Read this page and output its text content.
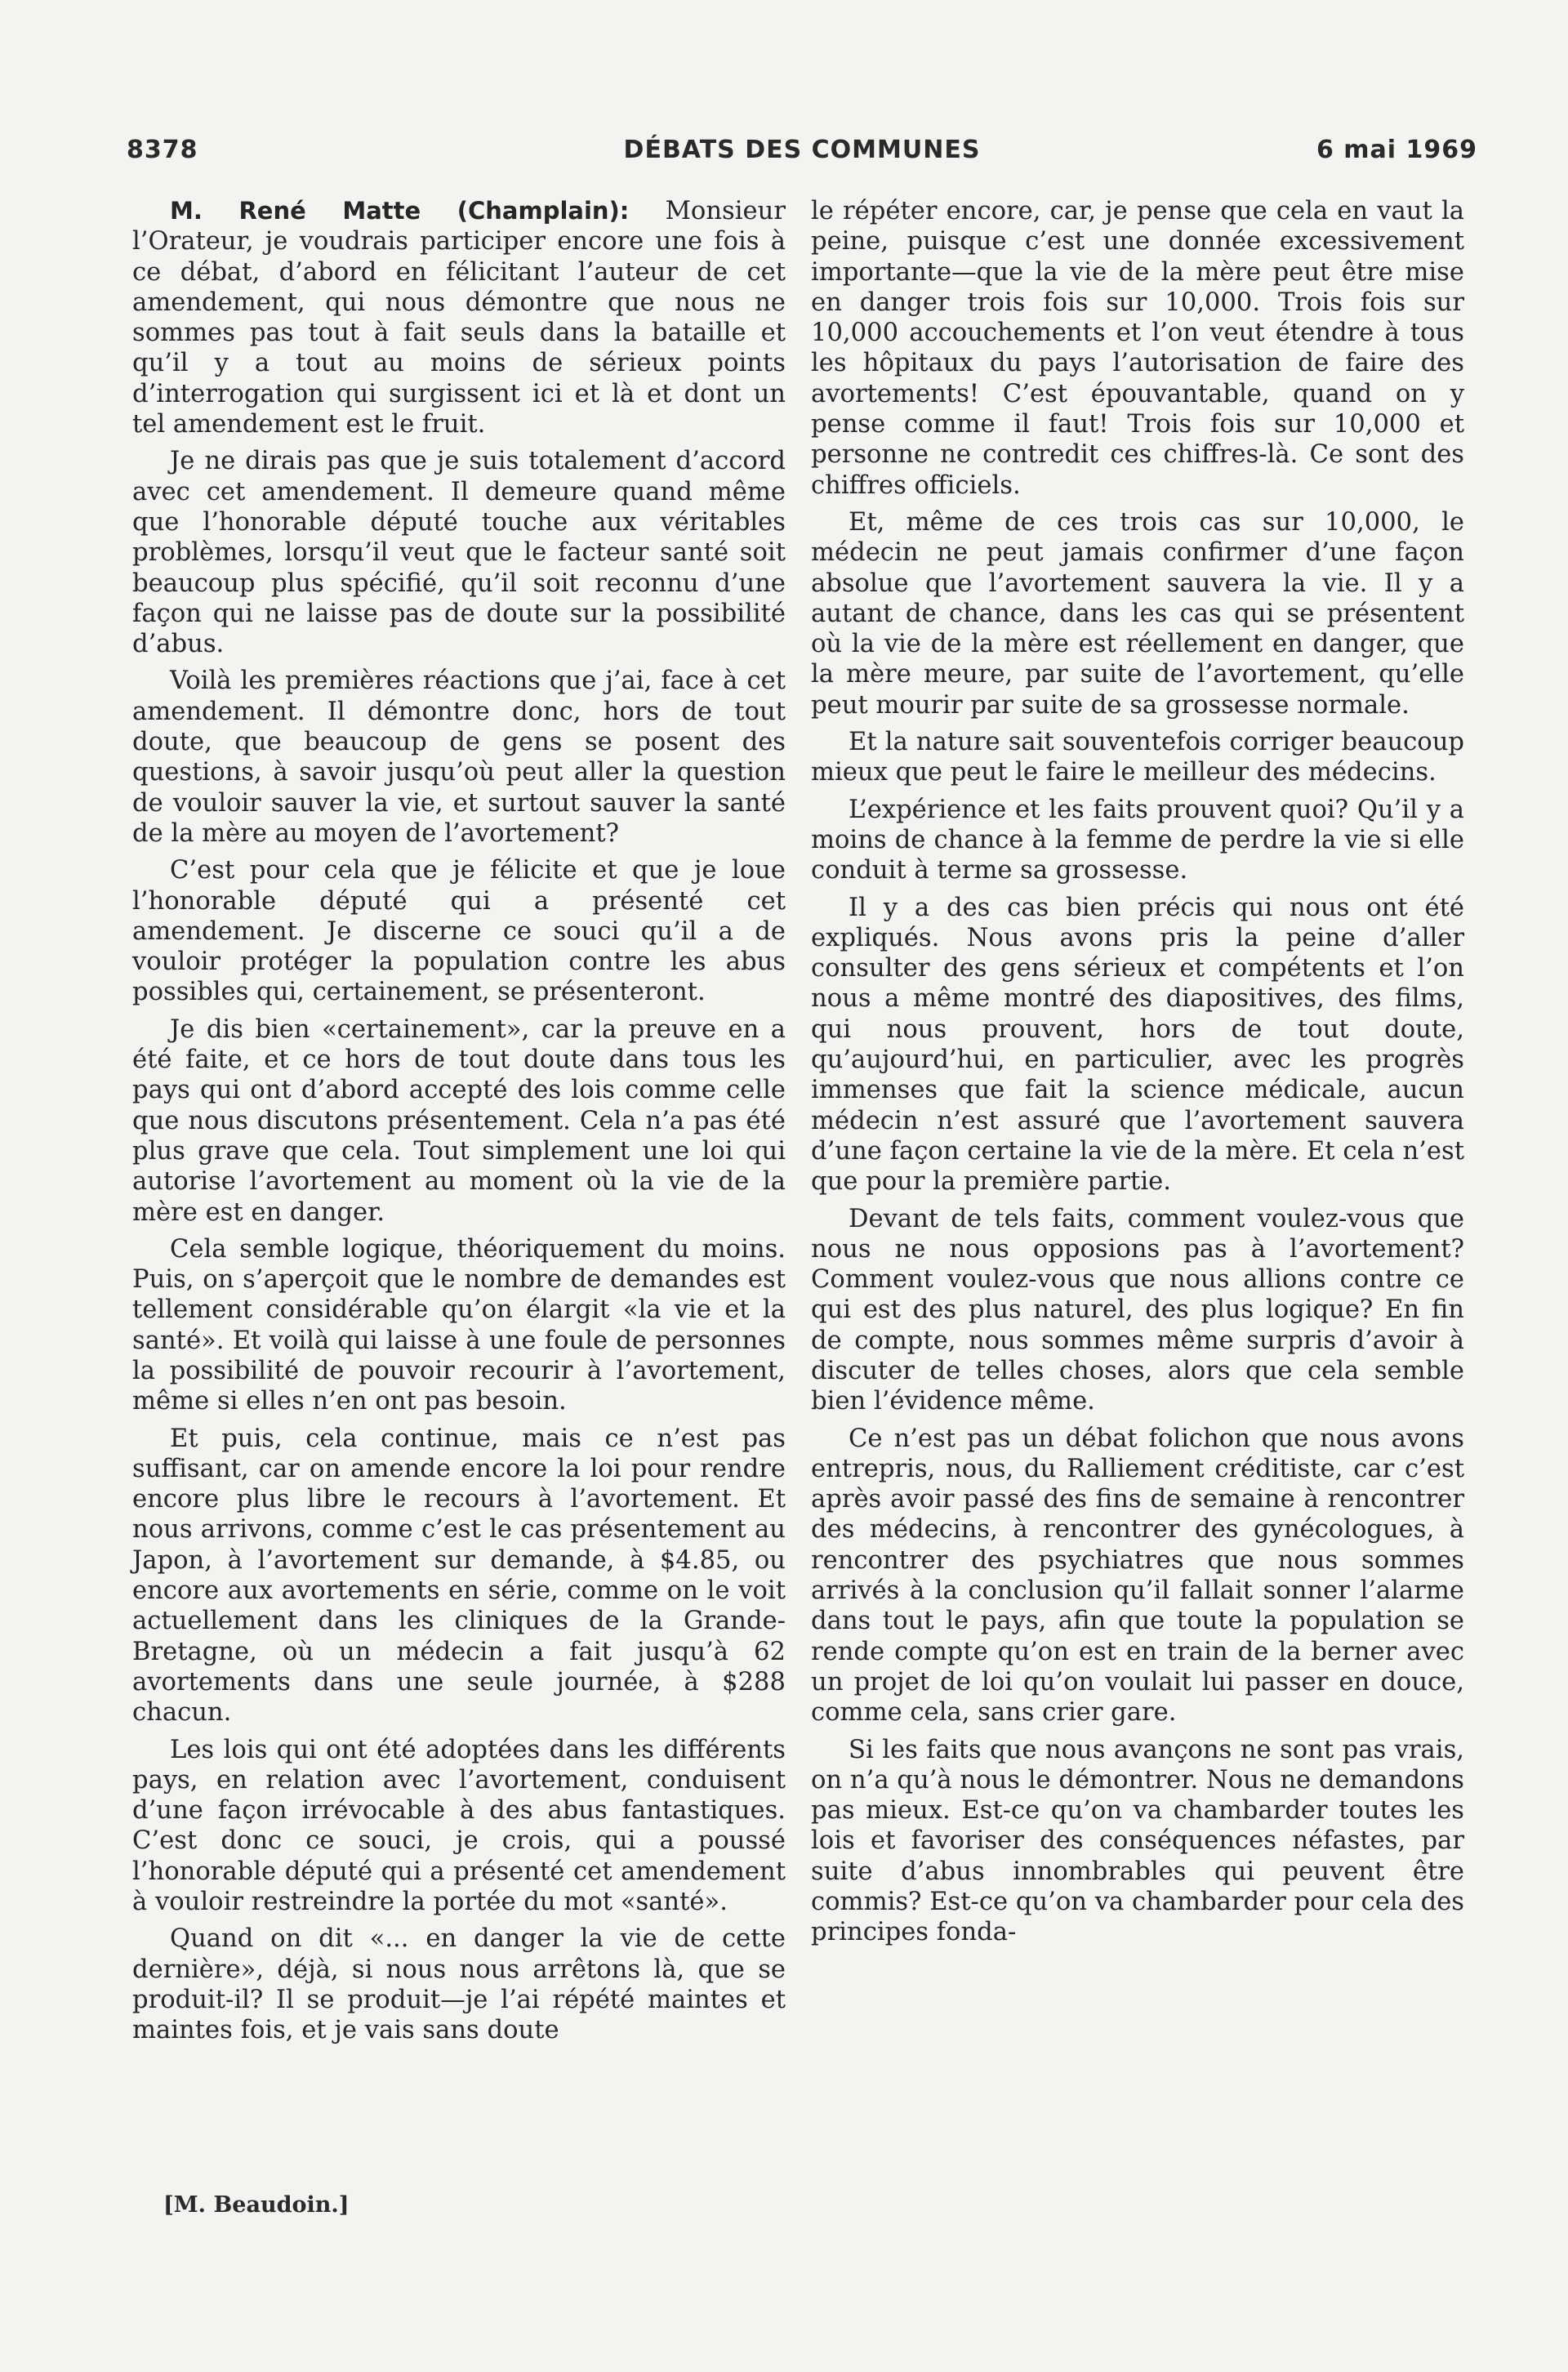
8378	DÉBATS DES COMMUNES	6 mai 1969

M. René Matte (Champlain): Monsieur l’Orateur, je voudrais participer encore une fois à ce débat, d’abord en félicitant l’auteur de cet amendement, qui nous démontre que nous ne sommes pas tout à fait seuls dans la bataille et qu’il y a tout au moins de sérieux points d’interrogation qui surgissent ici et là et dont un tel amendement est le fruit.

Je ne dirais pas que je suis totalement d’accord avec cet amendement. Il demeure quand même que l’honorable député touche aux véritables problèmes, lorsqu’il veut que le facteur santé soit beaucoup plus spécifié, qu’il soit reconnu d’une façon qui ne laisse pas de doute sur la possibilité d’abus.

Voilà les premières réactions que j’ai, face à cet amendement. Il démontre donc, hors de tout doute, que beaucoup de gens se posent des questions, à savoir jusqu’où peut aller la question de vouloir sauver la vie, et surtout sauver la santé de la mère au moyen de l’avortement?

C’est pour cela que je félicite et que je loue l’honorable député qui a présenté cet amendement. Je discerne ce souci qu’il a de vouloir protéger la population contre les abus possibles qui, certainement, se présenteront.

Je dis bien «certainement», car la preuve en a été faite, et ce hors de tout doute dans tous les pays qui ont d’abord accepté des lois comme celle que nous discutons présentement. Cela n’a pas été plus grave que cela. Tout simplement une loi qui autorise l’avortement au moment où la vie de la mère est en danger.

Cela semble logique, théoriquement du moins. Puis, on s’aperçoit que le nombre de demandes est tellement considérable qu’on élargit «la vie et la santé». Et voilà qui laisse à une foule de personnes la possibilité de pouvoir recourir à l’avortement, même si elles n’en ont pas besoin.

Et puis, cela continue, mais ce n’est pas suffisant, car on amende encore la loi pour rendre encore plus libre le recours à l’avortement. Et nous arrivons, comme c’est le cas présentement au Japon, à l’avortement sur demande, à $4.85, ou encore aux avortements en série, comme on le voit actuellement dans les cliniques de la Grande-Bretagne, où un médecin a fait jusqu’à 62 avortements dans une seule journée, à $288 chacun.

Les lois qui ont été adoptées dans les différents pays, en relation avec l’avortement, conduisent d’une façon irrévocable à des abus fantastiques. C’est donc ce souci, je crois, qui a poussé l’honorable député qui a présenté cet amendement à vouloir restreindre la portée du mot «santé».

Quand on dit «... en danger la vie de cette dernière», déjà, si nous nous arrêtons là, que se produit-il? Il se produit—je l’ai répété maintes et maintes fois, et je vais sans doute

le répéter encore, car, je pense que cela en vaut la peine, puisque c’est une donnée excessivement importante—que la vie de la mère peut être mise en danger trois fois sur 10,000. Trois fois sur 10,000 accouchements et l’on veut étendre à tous les hôpitaux du pays l’autorisation de faire des avortements! C’est épouvantable, quand on y pense comme il faut! Trois fois sur 10,000 et personne ne contredit ces chiffres-là. Ce sont des chiffres officiels.

Et, même de ces trois cas sur 10,000, le médecin ne peut jamais confirmer d’une façon absolue que l’avortement sauvera la vie. Il y a autant de chance, dans les cas qui se présentent où la vie de la mère est réellement en danger, que la mère meure, par suite de l’avortement, qu’elle peut mourir par suite de sa grossesse normale.

Et la nature sait souventefois corriger beaucoup mieux que peut le faire le meilleur des médecins.

L’expérience et les faits prouvent quoi? Qu’il y a moins de chance à la femme de perdre la vie si elle conduit à terme sa grossesse.

Il y a des cas bien précis qui nous ont été expliqués. Nous avons pris la peine d’aller consulter des gens sérieux et compétents et l’on nous a même montré des diapositives, des films, qui nous prouvent, hors de tout doute, qu’aujourd’hui, en particulier, avec les progrès immenses que fait la science médicale, aucun médecin n’est assuré que l’avortement sauvera d’une façon certaine la vie de la mère. Et cela n’est que pour la première partie.

Devant de tels faits, comment voulez-vous que nous ne nous opposions pas à l’avortement? Comment voulez-vous que nous allions contre ce qui est des plus naturel, des plus logique? En fin de compte, nous sommes même surpris d’avoir à discuter de telles choses, alors que cela semble bien l’évidence même.

Ce n’est pas un débat folichon que nous avons entrepris, nous, du Ralliement créditiste, car c’est après avoir passé des fins de semaine à rencontrer des médecins, à rencontrer des gynécologues, à rencontrer des psychiatres que nous sommes arrivés à la conclusion qu’il fallait sonner l’alarme dans tout le pays, afin que toute la population se rende compte qu’on est en train de la berner avec un projet de loi qu’on voulait lui passer en douce, comme cela, sans crier gare.

Si les faits que nous avançons ne sont pas vrais, on n’a qu’à nous le démontrer. Nous ne demandons pas mieux. Est-ce qu’on va chambarder toutes les lois et favoriser des conséquences néfastes, par suite d’abus innombrables qui peuvent être commis? Est-ce qu’on va chambarder pour cela des principes fonda-

[M. Beaudoin.]
